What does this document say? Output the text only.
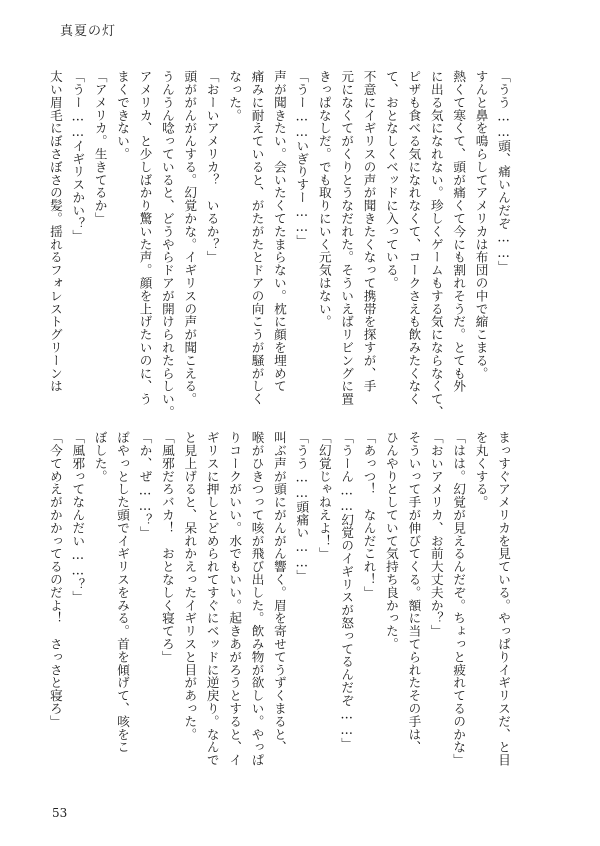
真夏の灯
「うう……頭、痛いんだぞ……」
すんと鼻を鳴らしてアメリカは布団の中で縮こまる。
熱くて寒くて、頭が痛くて今にも割れそうだ。とても外
に出る気になれない。珍しくゲームもする気にならなくて、
ピザも食べる気になれなくて、コークさえも飲みたくなく
て、おとなしくベッドに入っている。
不意にイギリスの声が聞きたくなって携帯を探すが、手
元になくてがくりとうなだれた。そういえばリビングに置
きっぱなしだ。でも取りにいく元気はない。
「うー……いぎりすー……」
声が聞きたい。会いたくてたまらない。枕に顔を埋めて
痛みに耐えていると、がたがたとドアの向こうが騒がしく
なった。
「おーいアメリカ？　いるか？」
頭ががんがんする。幻覚かな。イギリスの声が聞こえる。
うんうん唸っていると、どうやらドアが開けられたらしい。
アメリカ、と少しばかり驚いた声。顔を上げたいのに、う
まくできない。
「アメリカ。生きてるか」
「うー……イギリスかい？」
太い眉毛にぼさぼさの髪。揺れるフォレストグリーンは
まっすぐアメリカを見ている。やっぱりイギリスだ、と目
を丸くする。
「はは。幻覚が見えるんだぞ。ちょっと疲れてるのかな」
「おいアメリカ、お前大丈夫か？」
そういって手が伸びてくる。額に当てられたその手は、
ひんやりとしていて気持ち良かった。
「あっつ！　なんだこれ！」
「うーん……幻覚のイギリスが怒ってるんだぞ……」
「幻覚じゃねえよ！」
「うう……頭痛い……」
叫ぶ声が頭にがんがん響く。眉を寄せてうずくまると、
喉がひきつって咳が飛び出した。飲み物が欲しい。やっぱ
りコークがいい。水でもいい。起きあがろうとすると、イ
ギリスに押しとどめられてすぐにベッドに逆戻り。なんで
と見上げると、呆れかえったイギリスと目があった。
「風邪だろバカ！　おとなしく寝てろ」
「か、ぜ……？」
ぽやっとした頭でイギリスをみる。首を傾げて、咳をこ
ぼした。
「風邪ってなんだい……？」
「今てめえがかかってるのだよ！　さっさと寝ろ」
53
